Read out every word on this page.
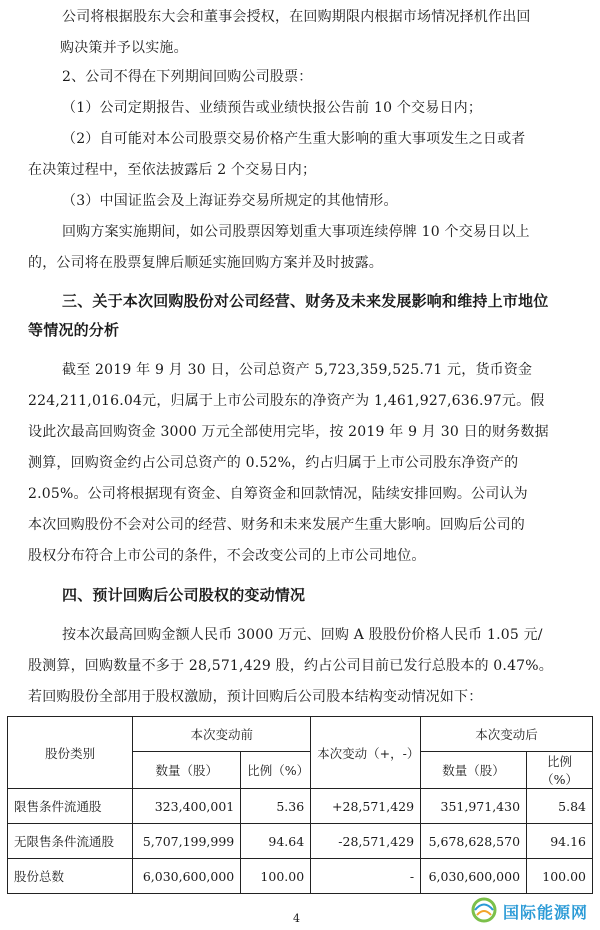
公司将根据股东大会和董事会授权，在回购期限内根据市场情况择机作出回
购决策并予以实施。
2、公司不得在下列期间回购公司股票：
（1）公司定期报告、业绩预告或业绩快报公告前 10 个交易日内；
（2）自可能对本公司股票交易价格产生重大影响的重大事项发生之日或者
在决策过程中，至依法披露后 2 个交易日内；
（3）中国证监会及上海证券交易所规定的其他情形。
回购方案实施期间，如公司股票因筹划重大事项连续停牌 10 个交易日以上
的，公司将在股票复牌后顺延实施回购方案并及时披露。
三、关于本次回购股份对公司经营、财务及未来发展影响和维持上市地位
等情况的分析
截至 2019 年 9 月 30 日，公司总资产 5,723,359,525.71 元，货币资金
224,211,016.04元，归属于上市公司股东的净资产为 1,461,927,636.97元。假
设此次最高回购资金 3000 万元全部使用完毕，按 2019 年 9 月 30 日的财务数据
测算，回购资金约占公司总资产的 0.52%，约占归属于上市公司股东净资产的
2.05%。公司将根据现有资金、自筹资金和回款情况，陆续安排回购。公司认为
本次回购股份不会对公司的经营、财务和未来发展产生重大影响。回购后公司的
股权分布符合上市公司的条件，不会改变公司的上市公司地位。
四、预计回购后公司股权的变动情况
按本次最高回购金额人民币 3000 万元、回购 A 股股份价格人民币 1.05 元/
股测算，回购数量不多于 28,571,429 股，约占公司目前已发行总股本的 0.47%。
若回购股份全部用于股权激励，预计回购后公司股本结构变动情况如下：
股份类别	本次变动前		本次变动（+，-）	本次变动后	
	数量（股）	比例（%）		数量（股）	比例（%）
限售条件流通股	323,400,001	5.36	+28,571,429	351,971,430	5.84
无限售条件流通股	5,707,199,999	94.64	-28,571,429	5,678,628,570	94.16
股份总数	6,030,600,000	100.00	-	6,030,600,000	100.00
4	国际能源网
